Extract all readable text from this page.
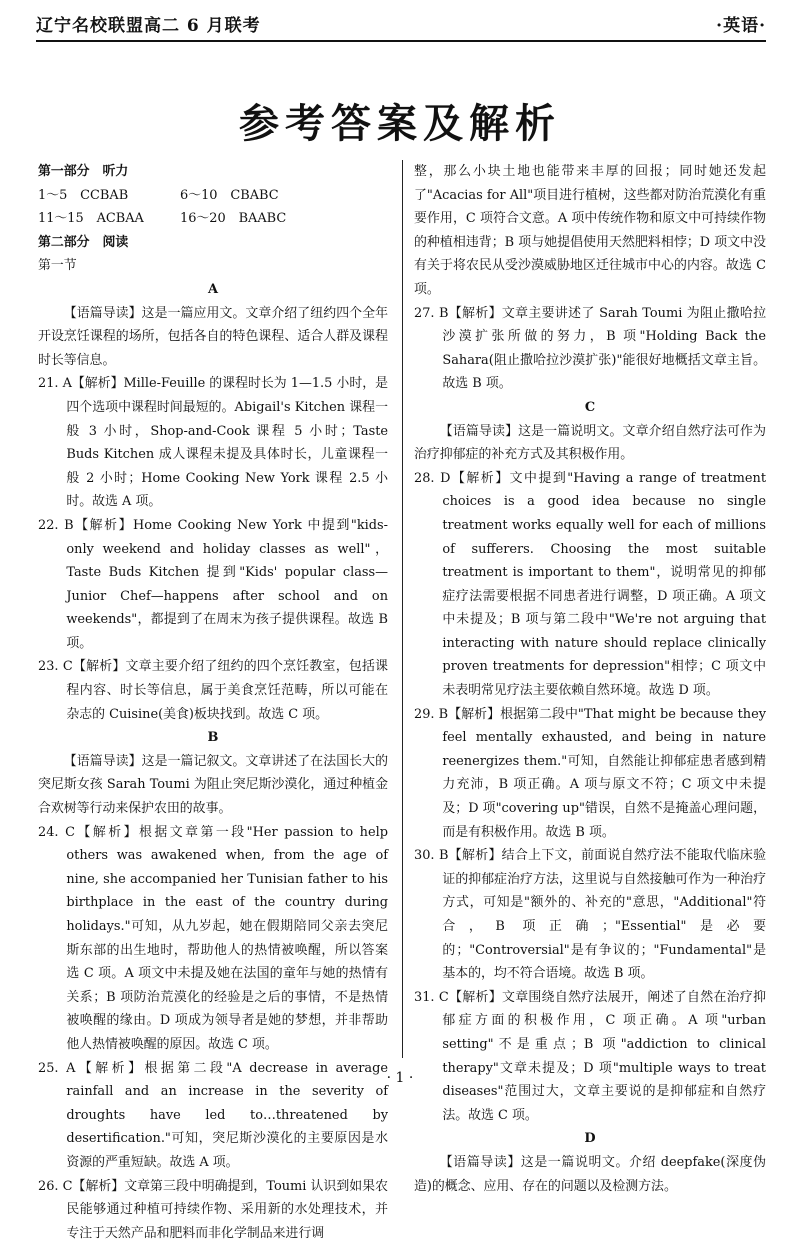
辽宁名校联盟高二 6 月联考	·英语·
参考答案及解析

第一部分　听力

1～5　CCBAB	6～10　CBABC
11～15　ACBAA	16～20　BAABC

第二部分　阅读

第一节

A

【语篇导读】这是一篇应用文。文章介绍了纽约四个全年开设烹饪课程的场所，包括各自的特色课程、适合人群及课程时长等信息。

21. A【解析】Mille-Feuille 的课程时长为 1—1.5 小时，是四个选项中课程时间最短的。Abigail's Kitchen 课程一般 3 小时，Shop-and-Cook 课程 5 小时；Taste Buds Kitchen 成人课程未提及具体时长，儿童课程一般 2 小时；Home Cooking New York 课程 2.5 小时。故选 A 项。

22. B【解析】Home Cooking New York 中提到"kids-only weekend and holiday classes as well"，Taste Buds Kitchen 提到"Kids' popular class—Junior Chef—happens after school and on weekends"，都提到了在周末为孩子提供课程。故选 B 项。

23. C【解析】文章主要介绍了纽约的四个烹饪教室，包括课程内容、时长等信息，属于美食烹饪范畴，所以可能在杂志的 Cuisine(美食)板块找到。故选 C 项。

B

【语篇导读】这是一篇记叙文。文章讲述了在法国长大的突尼斯女孩 Sarah Toumi 为阻止突尼斯沙漠化，通过种植金合欢树等行动来保护农田的故事。

24. C【解析】根据文章第一段"Her passion to help others was awakened when, from the age of nine, she accompanied her Tunisian father to his birthplace in the east of the country during holidays."可知，从九岁起，她在假期陪同父亲去突尼斯东部的出生地时，帮助他人的热情被唤醒，所以答案选 C 项。A 项文中未提及她在法国的童年与她的热情有关系；B 项防治荒漠化的经验是之后的事情，不是热情被唤醒的缘由。D 项成为领导者是她的梦想，并非帮助他人热情被唤醒的原因。故选 C 项。

25. A【解析】根据第二段"A decrease in average rainfall and an increase in the severity of droughts have led to…threatened by desertification."可知，突尼斯沙漠化的主要原因是水资源的严重短缺。故选 A 项。

26. C【解析】文章第三段中明确提到，Toumi 认识到如果农民能够通过种植可持续作物、采用新的水处理技术，并专注于天然产品和肥料而非化学制品来进行调

整，那么小块土地也能带来丰厚的回报；同时她还发起了"Acacias for All"项目进行植树，这些都对防治荒漠化有重要作用，C 项符合文意。A 项中传统作物和原文中可持续作物的种植相违背；B 项与她提倡使用天然肥料相悖；D 项文中没有关于将农民从受沙漠威胁地区迁往城市中心的内容。故选 C 项。

27. B【解析】文章主要讲述了 Sarah Toumi 为阻止撒哈拉沙漠扩张所做的努力，B 项"Holding Back the Sahara(阻止撒哈拉沙漠扩张)"能很好地概括文章主旨。故选 B 项。

C

【语篇导读】这是一篇说明文。文章介绍自然疗法可作为治疗抑郁症的补充方式及其积极作用。

28. D【解析】文中提到"Having a range of treatment choices is a good idea because no single treatment works equally well for each of millions of sufferers. Choosing the most suitable treatment is important to them"，说明常见的抑郁症疗法需要根据不同患者进行调整，D 项正确。A 项文中未提及；B 项与第二段中"We're not arguing that interacting with nature should replace clinically proven treatments for depression"相悖；C 项文中未表明常见疗法主要依赖自然环境。故选 D 项。

29. B【解析】根据第二段中"That might be because they feel mentally exhausted, and being in nature reenergizes them."可知，自然能让抑郁症患者感到精力充沛，B 项正确。A 项与原文不符；C 项文中未提及；D 项"covering up"错误，自然不是掩盖心理问题，而是有积极作用。故选 B 项。

30. B【解析】结合上下文，前面说自然疗法不能取代临床验证的抑郁症治疗方法，这里说与自然接触可作为一种治疗方式，可知是"额外的、补充的"意思，"Additional"符合，B 项正确；"Essential"是必要的；"Controversial"是有争议的；"Fundamental"是基本的，均不符合语境。故选 B 项。

31. C【解析】文章围绕自然疗法展开，阐述了自然在治疗抑郁症方面的积极作用，C 项正确。A 项"urban setting"不是重点；B 项"addiction to clinical therapy"文章未提及；D 项"multiple ways to treat diseases"范围过大，文章主要说的是抑郁症和自然疗法。故选 C 项。

D

【语篇导读】这是一篇说明文。介绍 deepfake(深度伪造)的概念、应用、存在的问题以及检测方法。

· 1 ·
